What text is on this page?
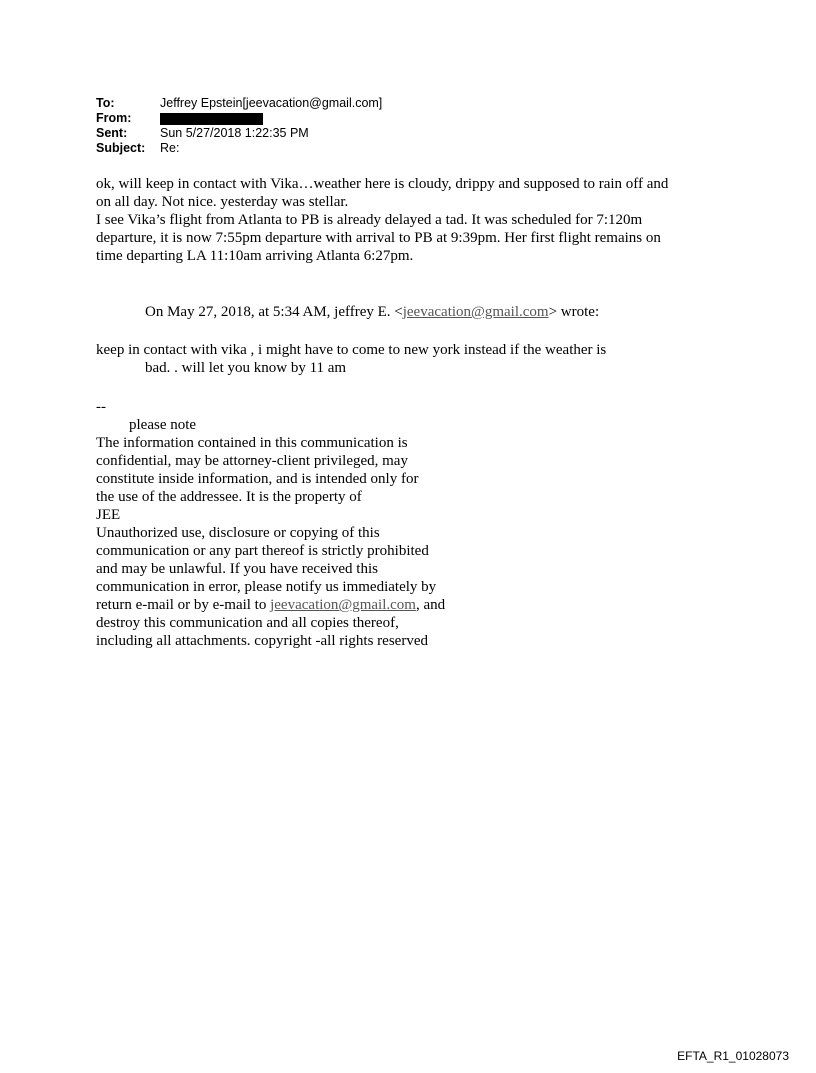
To:	Jeffrey Epstein[jeevacation@gmail.com]
From:
Sent:	Sun 5/27/2018 1:22:35 PM
Subject:	Re:
ok, will keep in contact with Vika…weather here is cloudy, drippy and supposed to rain off and
on all day. Not nice. yesterday was stellar.
I see Vika’s flight from Atlanta to PB is already delayed a tad. It was scheduled for 7:120m
departure, it is now 7:55pm departure with arrival to PB at 9:39pm. Her first flight remains on
time departing LA 11:10am arriving Atlanta 6:27pm.
On May 27, 2018, at 5:34 AM, jeffrey E. <jeevacation@gmail.com> wrote:
keep in contact with vika , i might have to come to new york instead if the weather is
bad. . will let you know by 11 am
--
please note
The information contained in this communication is
confidential, may be attorney-client privileged, may
constitute inside information, and is intended only for
the use of the addressee. It is the property of
JEE
Unauthorized use, disclosure or copying of this
communication or any part thereof is strictly prohibited
and may be unlawful. If you have received this
communication in error, please notify us immediately by
return e-mail or by e-mail to jeevacation@gmail.com, and
destroy this communication and all copies thereof,
including all attachments. copyright -all rights reserved
EFTA_R1_01028073
